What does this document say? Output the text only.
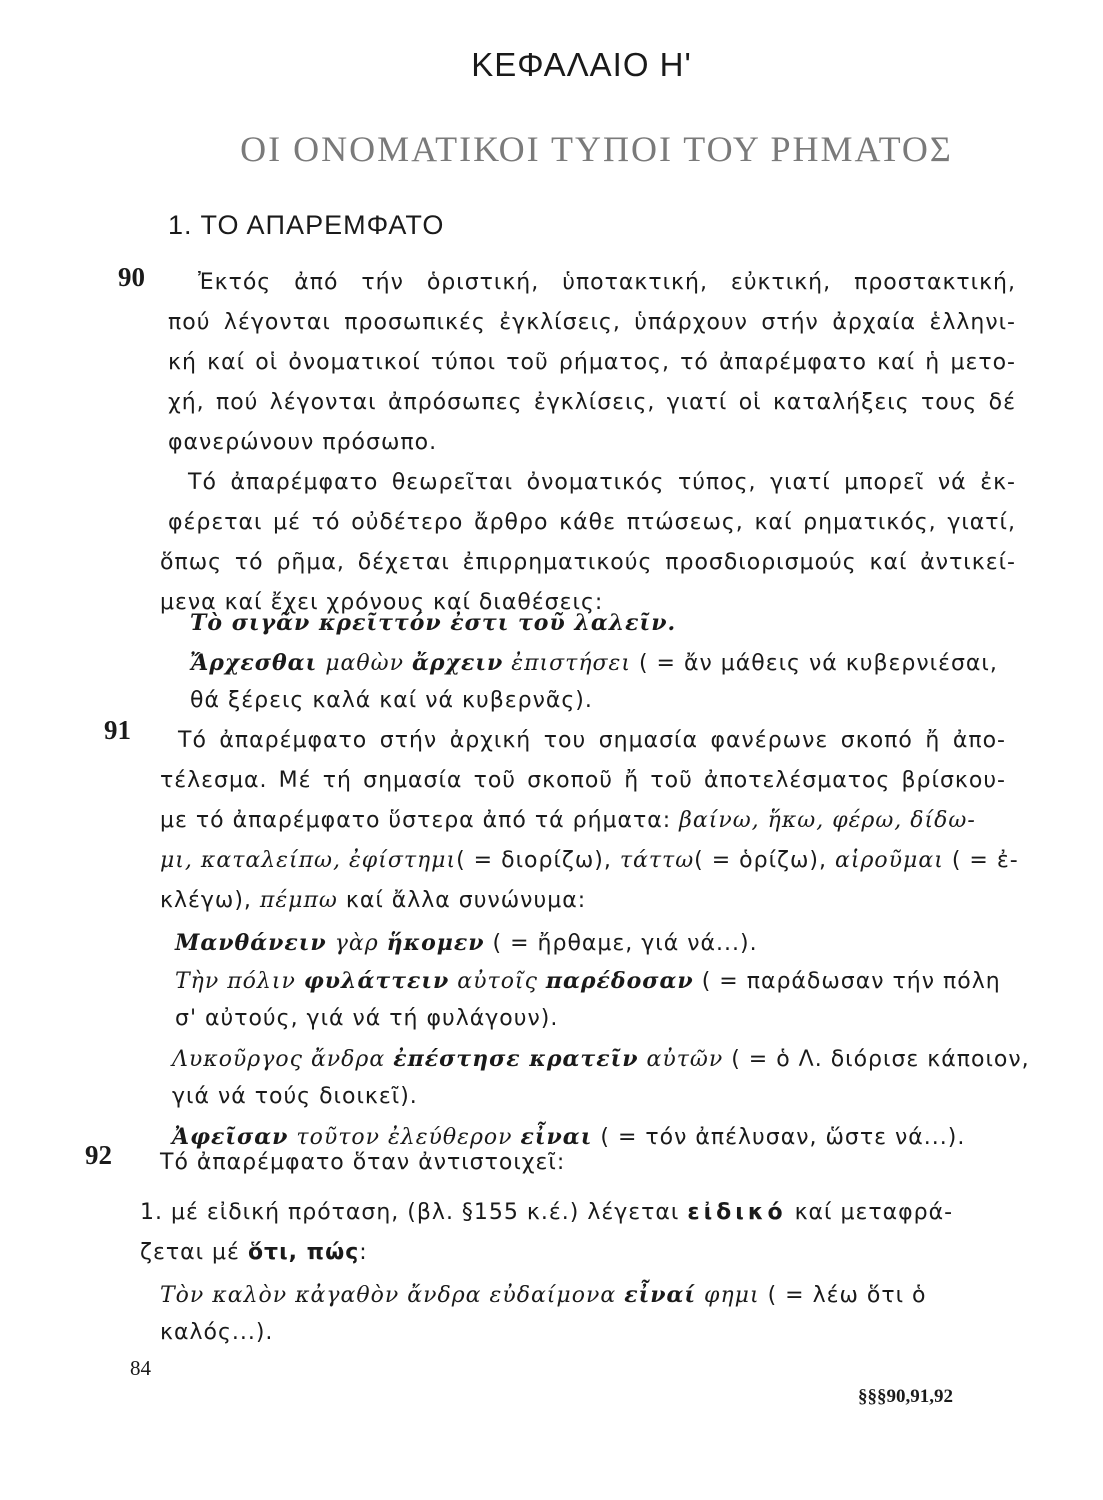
ΚΕΦΑΛΑΙΟ Η'
ΟΙ ΟΝΟΜΑΤΙΚΟΙ ΤΥΠΟΙ ΤΟΥ ΡΗΜΑΤΟΣ
1. ΤΟ ΑΠΑΡΕΜΦΑΤΟ
90 Ἐκτός ἀπό τήν ὁριστική, ὑποτακτική, εὐκτική, προστακτική,
πού λέγονται προσωπικές ἐγκλίσεις, ὑπάρχουν στήν ἀρχαία ἑλληνι-
κή καί οἱ ὀνοματικοί τύποι τοῦ ρήματος, τό ἀπαρέμφατο καί ἡ μετο-
χή, πού λέγονται ἀπρόσωπες ἐγκλίσεις, γιατί οἱ καταλήξεις τους δέ
φανερώνουν πρόσωπο.
Τό ἀπαρέμφατο θεωρεῖται ὀνοματικός τύπος, γιατί μπορεῖ νά ἐκ-
φέρεται μέ τό οὐδέτερο ἄρθρο κάθε πτώσεως, καί ρηματικός, γιατί,
ὅπως τό ρῆμα, δέχεται ἐπιρρηματικούς προσδιορισμούς καί ἀντικεί-
μενα καί ἔχει χρόνους καί διαθέσεις:
Τὸ σιγᾶν κρεῖττόν ἐστι τοῦ λαλεῖν.
Ἄρχεσθαι μαθὼν ἄρχειν ἐπιστήσει ( = ἄν μάθεις νά κυβερνιέσαι,
θά ξέρεις καλά καί νά κυβερνᾶς).
91 Τό ἀπαρέμφατο στήν ἀρχική του σημασία φανέρωνε σκοπό ἤ ἀπο-
τέλεσμα. Μέ τή σημασία τοῦ σκοποῦ ἤ τοῦ ἀποτελέσματος βρίσκου-
με τό ἀπαρέμφατο ὕστερα ἀπό τά ρήματα: βαίνω, ἥκω, φέρω, δίδω-
μι, καταλείπω, ἐφίστημι( = διορίζω), τάττω( = ὁρίζω), αἱροῦμαι ( = ἐ-
κλέγω), πέμπω καί ἄλλα συνώνυμα:
Μανθάνειν γὰρ ἥκομεν ( = ἤρθαμε, γιά νά...).
Τὴν πόλιν φυλάττειν αὐτοῖς παρέδοσαν ( = παράδωσαν τήν πόλη
σ' αὐτούς, γιά νά τή φυλάγουν).
Λυκοῦργος ἄνδρα ἐπέστησε κρατεῖν αὐτῶν ( = ὁ Λ. διόρισε κάποιον,
γιά νά τούς διοικεῖ).
Ἀφεῖσαν τοῦτον ἐλεύθερον εἶναι ( = τόν ἀπέλυσαν, ὥστε νά...).
92 Τό ἀπαρέμφατο ὅταν ἀντιστοιχεῖ:
1. μέ εἰδική πρόταση, (βλ. §155 κ.έ.) λέγεται εἰδικό καί μεταφρά-
ζεται μέ ὅτι, πώς:
Τὸν καλὸν κἀγαθὸν ἄνδρα εὐδαίμονα εἶναί φημι ( = λέω ὅτι ὁ
καλός...).
84
§§§90,91,92
